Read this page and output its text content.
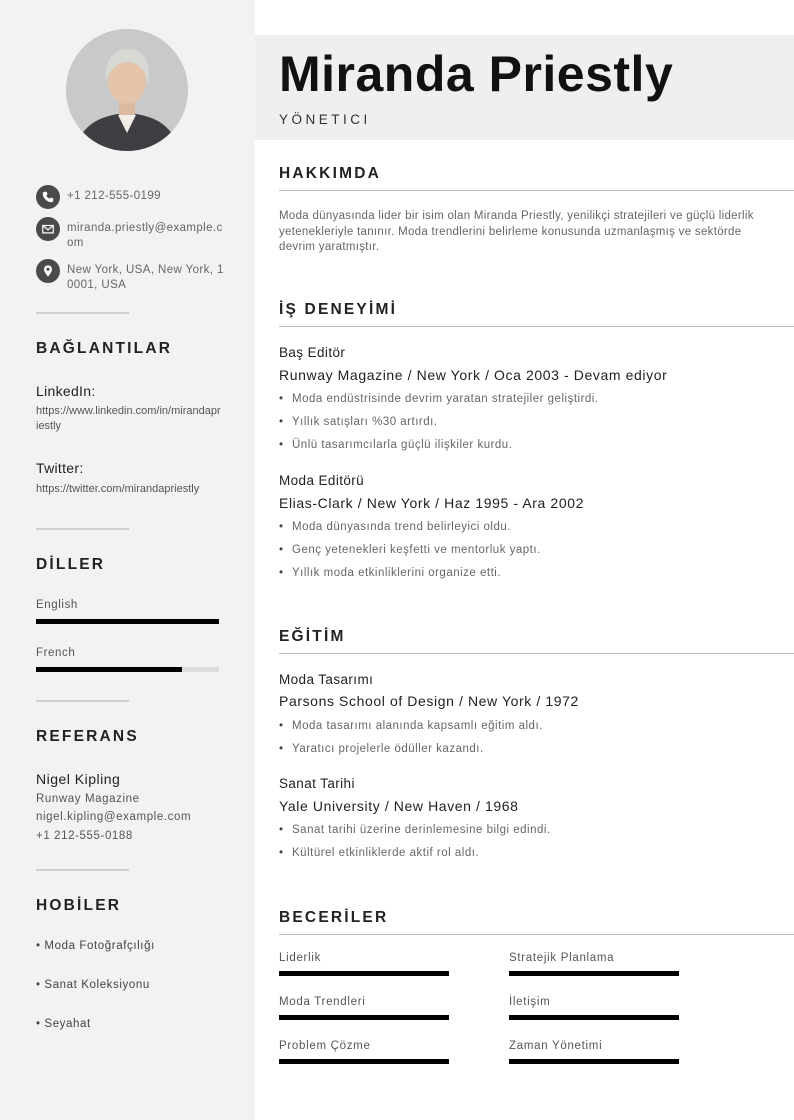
+1 212-555-0199
miranda.priestly@example.com
New York, USA, New York, 10001, USA
BAĞLANTILAR
LinkedIn:
https://www.linkedin.com/in/mirandapriestly
Twitter:
https://twitter.com/mirandapriestly
DİLLER
English
French
REFERANS
Nigel Kipling
Runway Magazine
nigel.kipling@example.com
+1 212-555-0188
HOBİLER
• Moda Fotoğrafçılığı
• Sanat Koleksiyonu
• Seyahat
Miranda Priestly
YÖNETICI
HAKKIMDA
Moda dünyasında lider bir isim olan Miranda Priestly, yenilikçi stratejileri ve güçlü liderlik yetenekleriyle tanınır. Moda trendlerini belirleme konusunda uzmanlaşmış ve sektörde devrim yaratmıştır.
İŞ DENEYİMİ
Baş Editör
Runway Magazine / New York / Oca 2003 - Devam ediyor
• Moda endüstrisinde devrim yaratan stratejiler geliştirdi.
• Yıllık satışları %30 artırdı.
• Ünlü tasarımcılarla güçlü ilişkiler kurdu.
Moda Editörü
Elias-Clark / New York / Haz 1995 - Ara 2002
• Moda dünyasında trend belirleyici oldu.
• Genç yetenekleri keşfetti ve mentorluk yaptı.
• Yıllık moda etkinliklerini organize etti.
EĞİTİM
Moda Tasarımı
Parsons School of Design / New York / 1972
• Moda tasarımı alanında kapsamlı eğitim aldı.
• Yaratıcı projelerle ödüller kazandı.
Sanat Tarihi
Yale University / New Haven / 1968
• Sanat tarihi üzerine derinlemesine bilgi edindi.
• Kültürel etkinliklerde aktif rol aldı.
BECERİLER
Liderlik	Stratejik Planlama
Moda Trendleri	İletişim
Problem Çözme	Zaman Yönetimi
